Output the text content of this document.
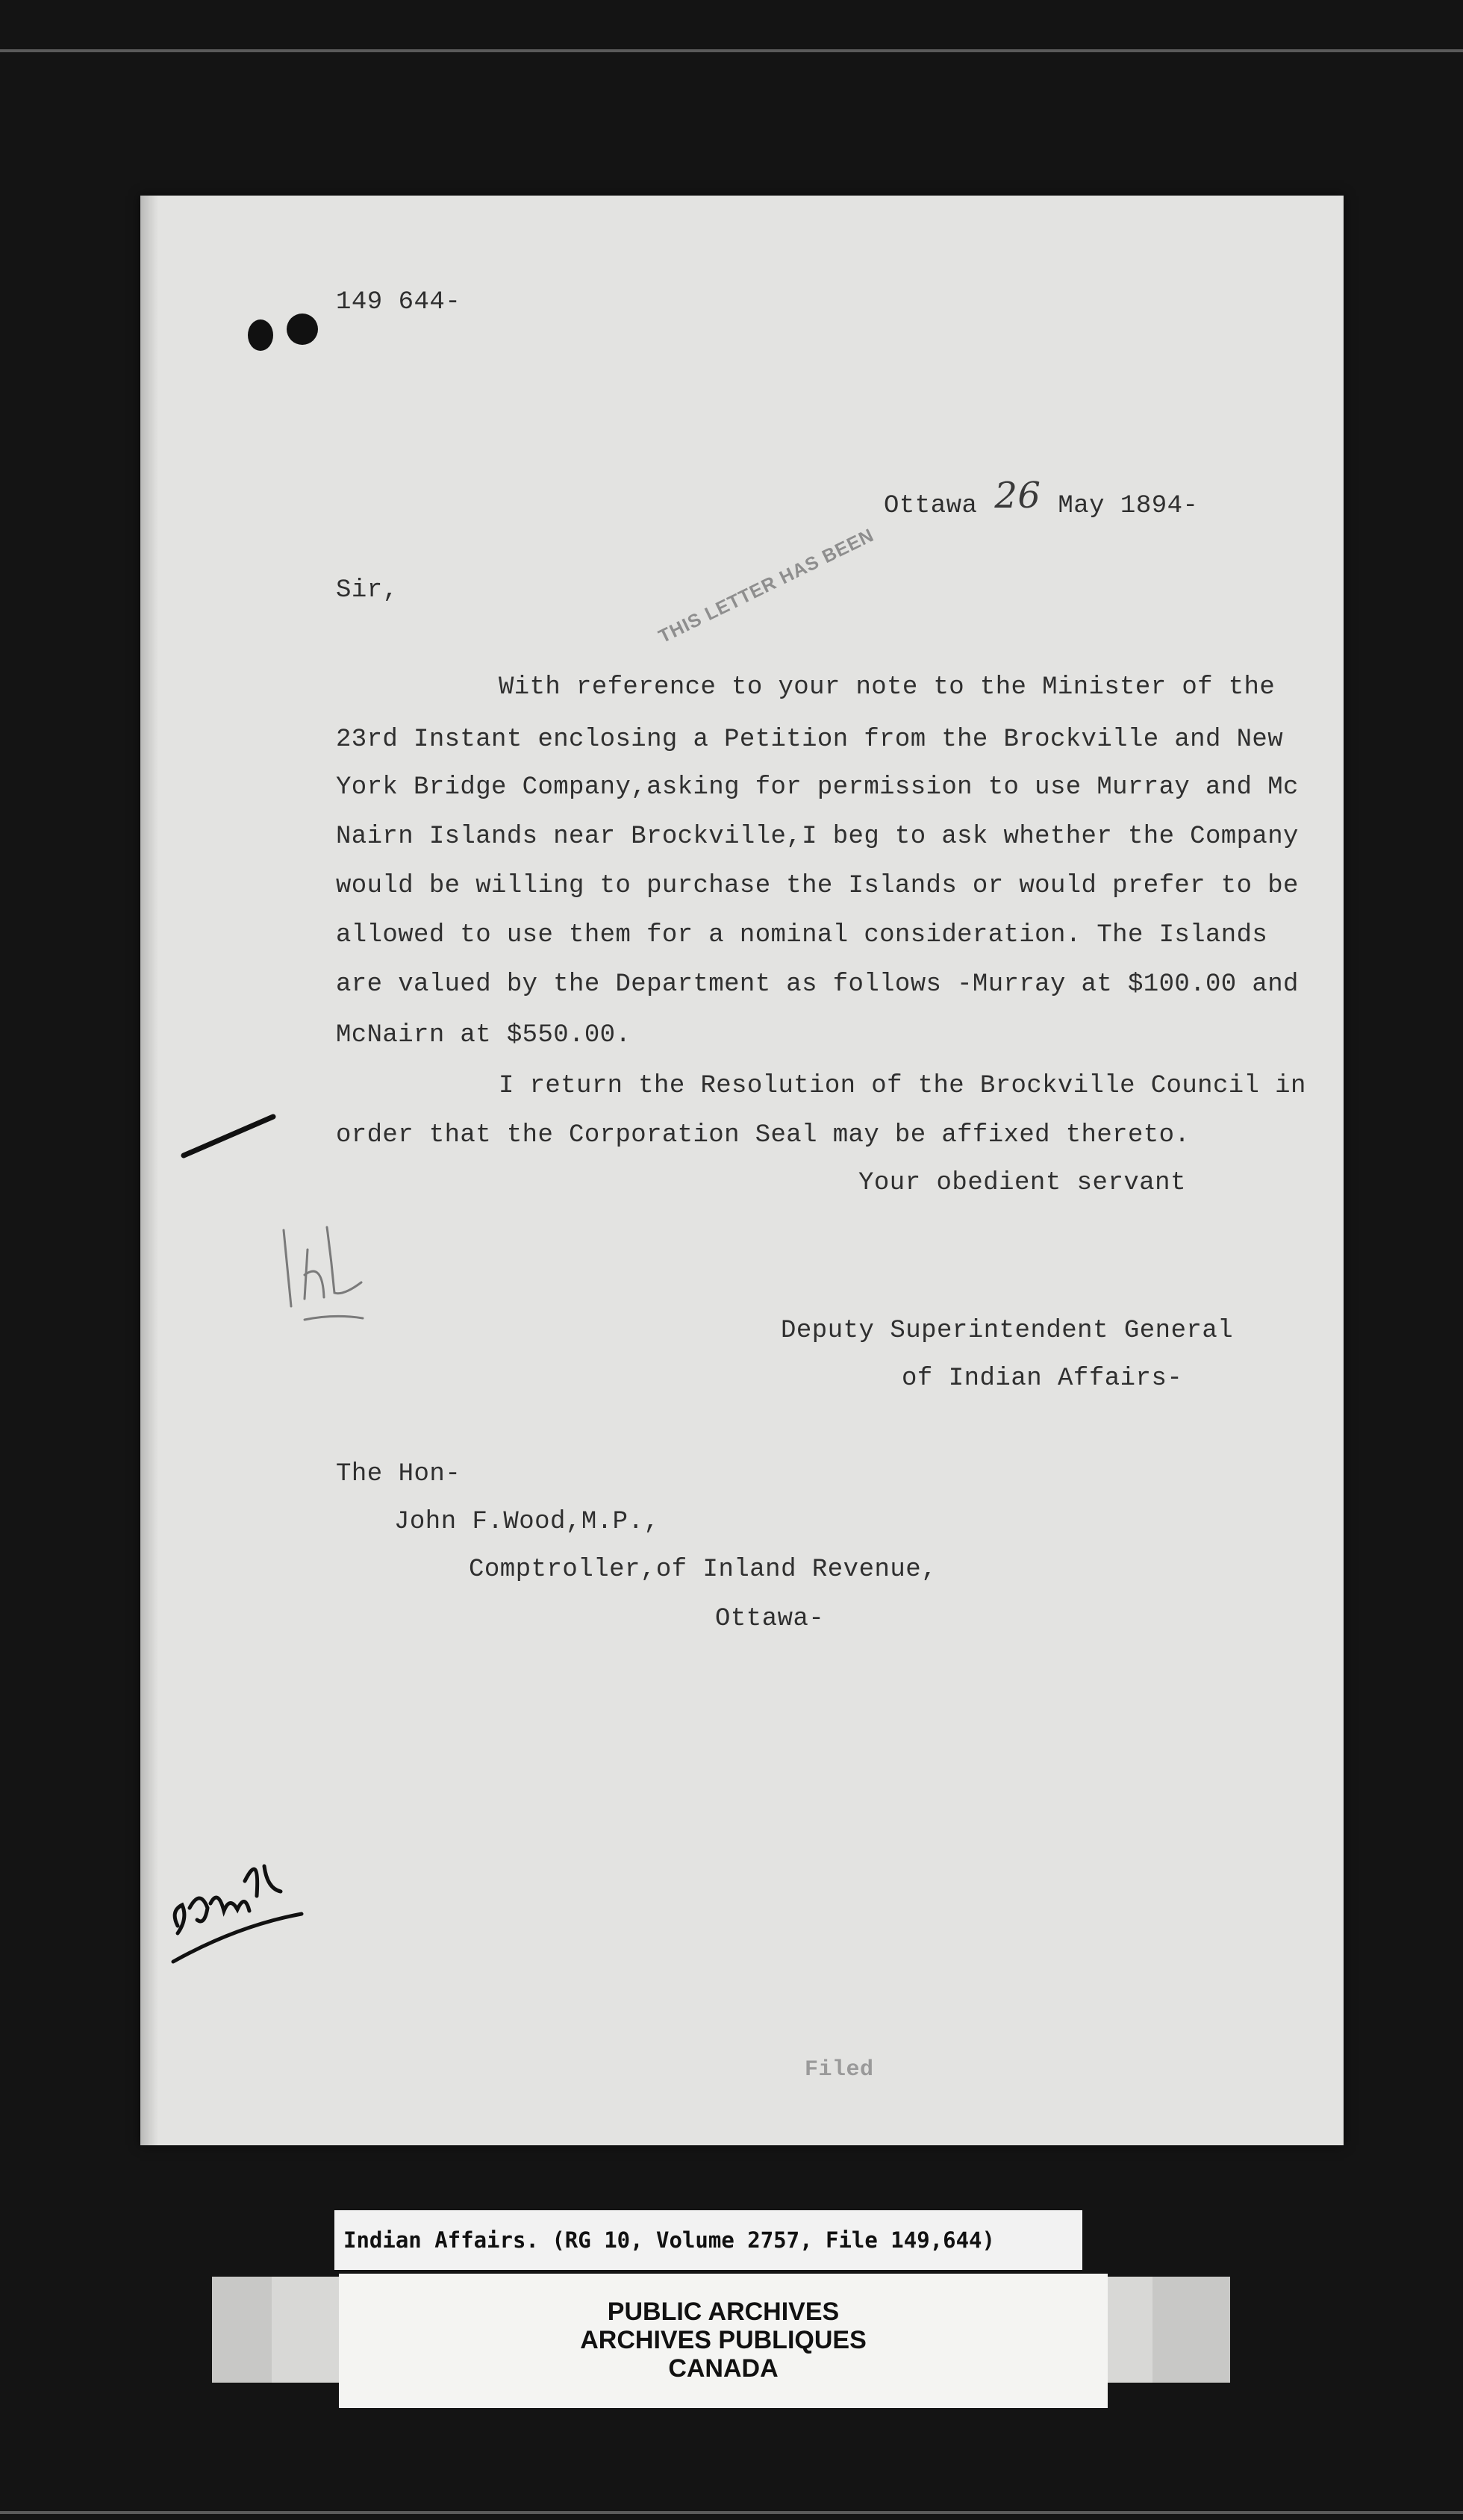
149 644-
THIS LETTER HAS BEEN
Ottawa 26 May 1894-
Sir,
With reference to your note to the Minister of the
23rd Instant enclosing a Petition from the Brockville and New
York Bridge Company,asking for permission to use Murray and Mc
Nairn Islands near Brockville,I beg to ask whether the Company
would be willing to purchase the Islands or would prefer to be
allowed to use them for a nominal consideration. The Islands
are valued by the Department as follows -Murray at $100.00 and
McNairn at $550.00.
I return the Resolution of the Brockville Council in
order that the Corporation Seal may be affixed thereto.
Your obedient servant
Deputy Superintendent General
of Indian Affairs-
The Hon-
John F.Wood,M.P.,
Comptroller,of Inland Revenue,
Ottawa-
Filed
Indian Affairs. (RG 10, Volume 2757, File 149,644)
PUBLIC ARCHIVES
ARCHIVES PUBLIQUES
CANADA
